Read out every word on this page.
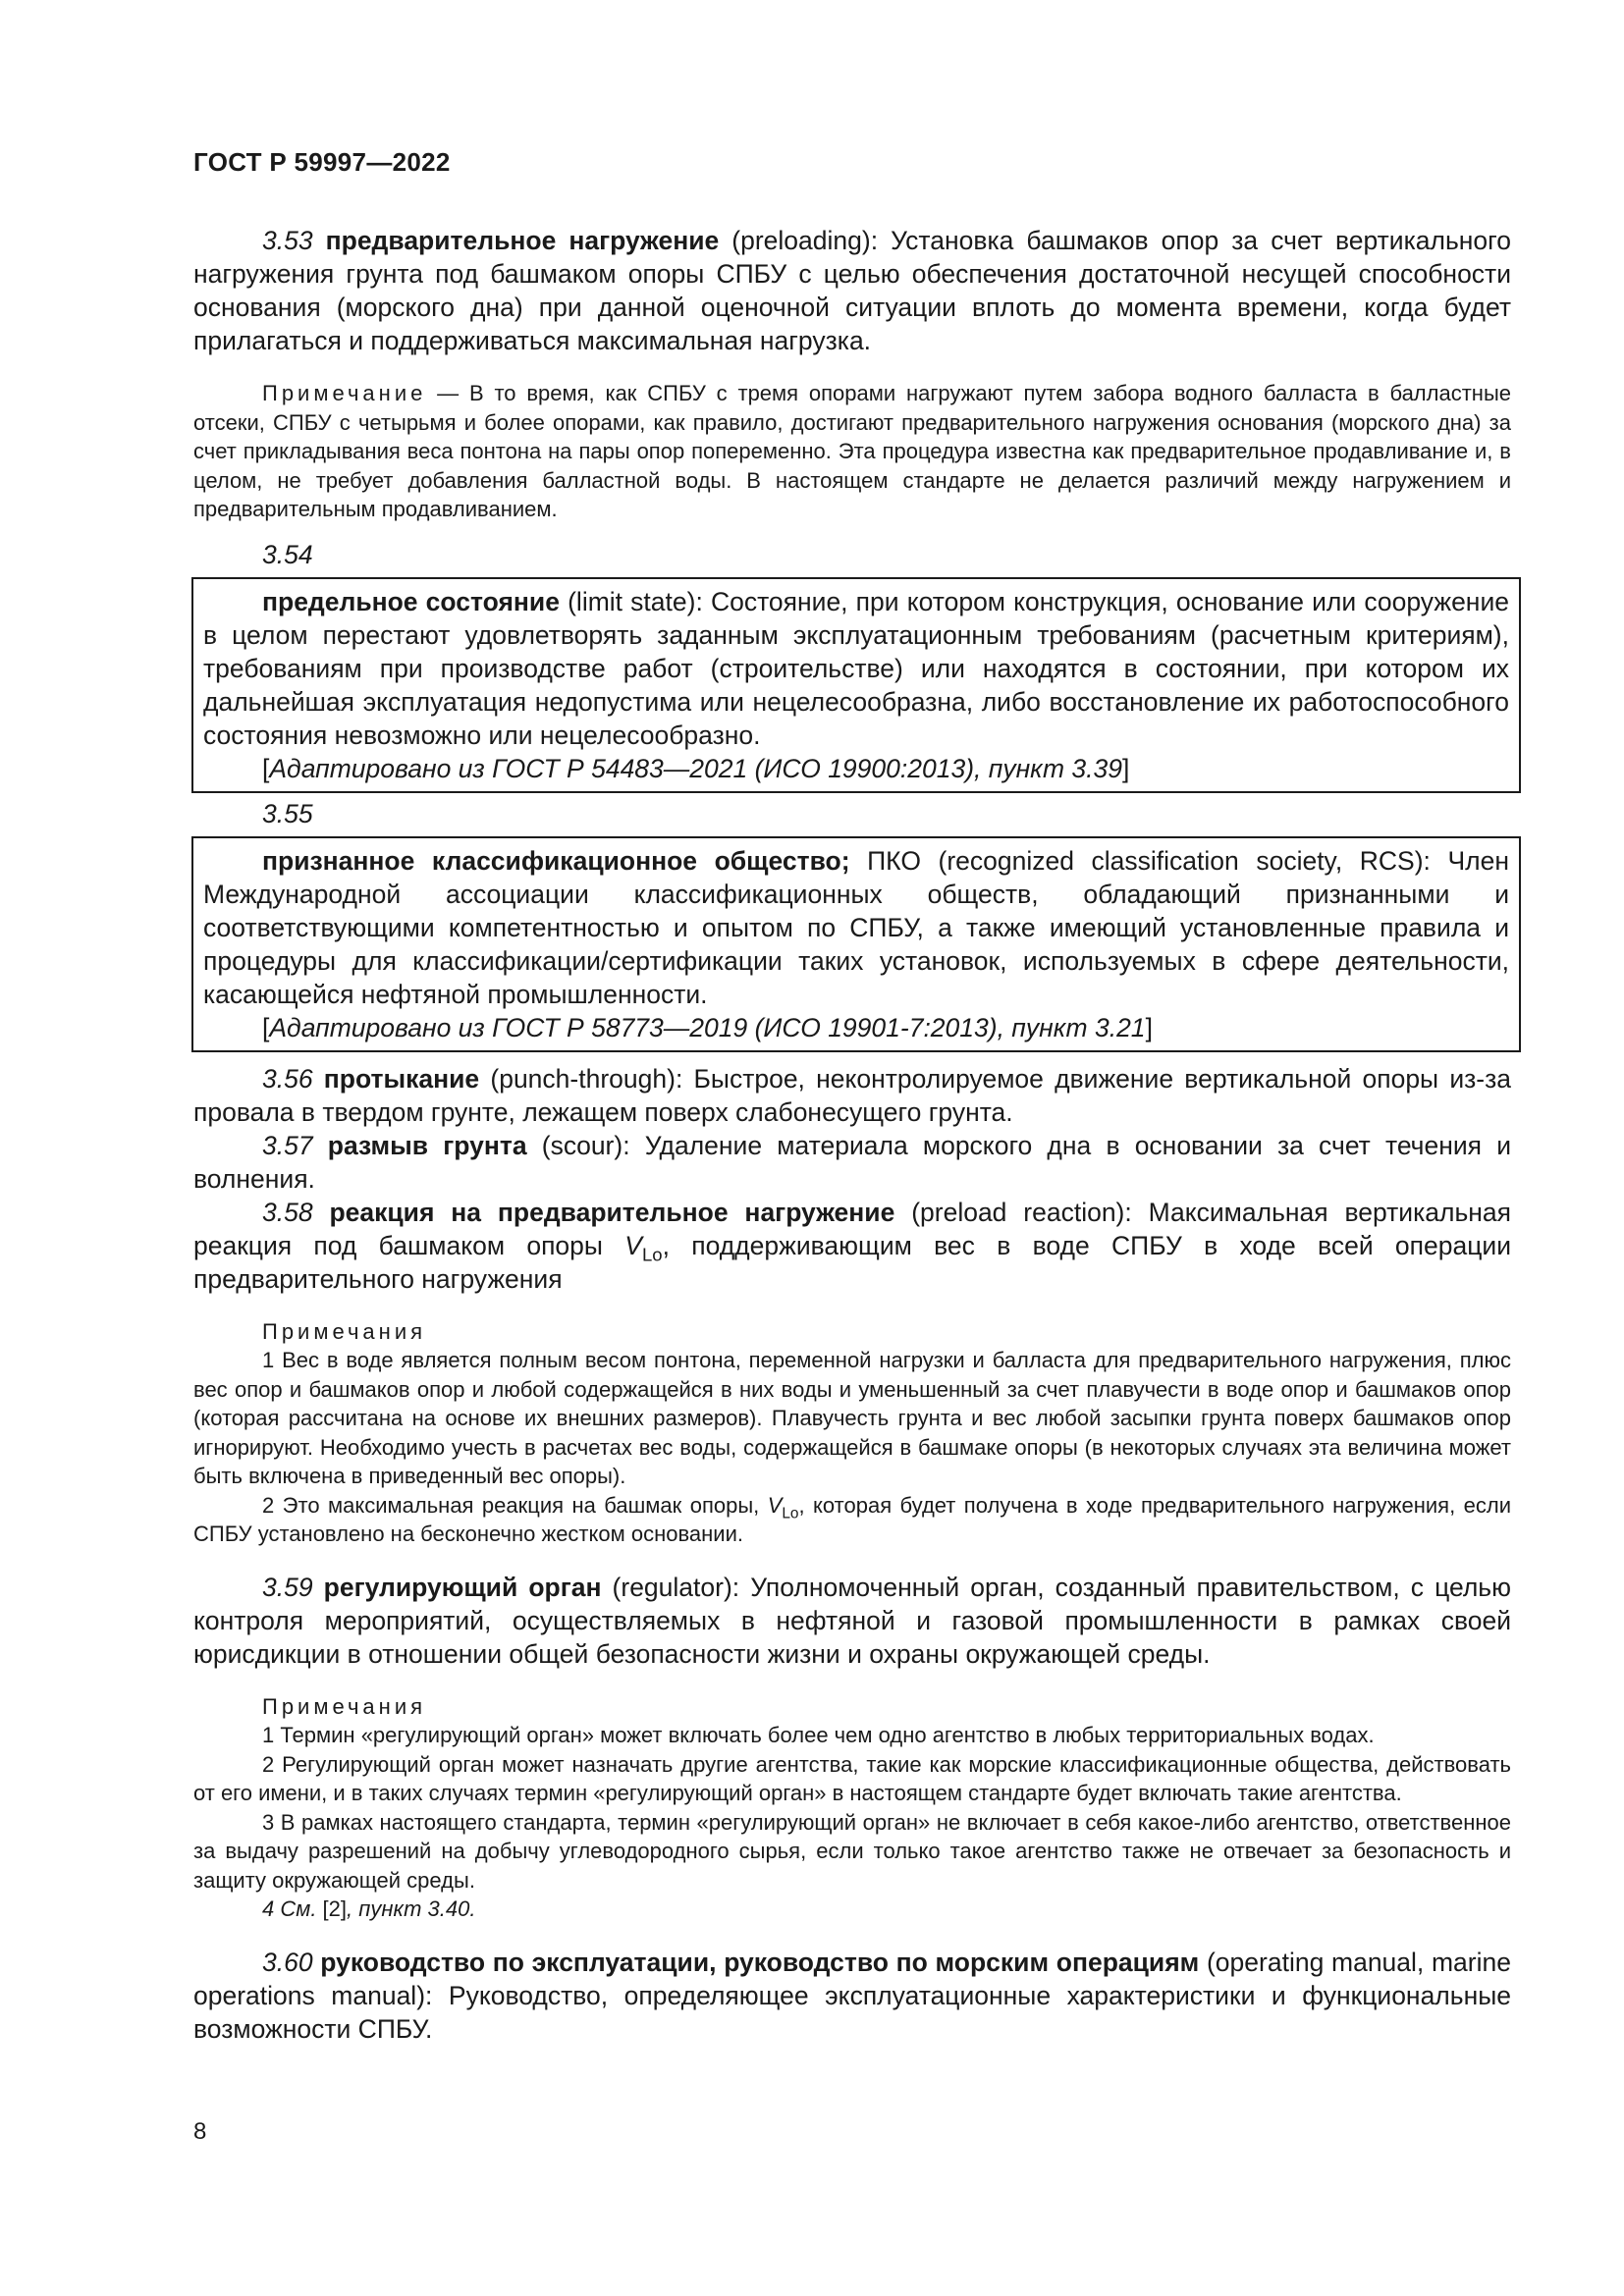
ГОСТ Р 59997—2022

3.53 предварительное нагружение (preloading): Установка башмаков опор за счет вертикального нагружения грунта под башмаком опоры СПБУ с целью обеспечения достаточной несущей способности основания (морского дна) при данной оценочной ситуации вплоть до момента времени, когда будет прилагаться и поддерживаться максимальная нагрузка.

Примечание — В то время, как СПБУ с тремя опорами нагружают путем забора водного балласта в балластные отсеки, СПБУ с четырьмя и более опорами, как правило, достигают предварительного нагружения основания (морского дна) за счет прикладывания веса понтона на пары опор попеременно. Эта процедура известна как предварительное продавливание и, в целом, не требует добавления балластной воды. В настоящем стандарте не делается различий между нагружением и предварительным продавливанием.

3.54

предельное состояние (limit state): Состояние, при котором конструкция, основание или сооружение в целом перестают удовлетворять заданным эксплуатационным требованиям (расчетным критериям), требованиям при производстве работ (строительстве) или находятся в состоянии, при котором их дальнейшая эксплуатация недопустима или нецелесообразна, либо восстановление их работоспособного состояния невозможно или нецелесообразно.

[Адаптировано из ГОСТ Р 54483—2021 (ИСО 19900:2013), пункт 3.39]

3.55

признанное классификационное общество; ПКО (recognized classification society, RCS): Член Международной ассоциации классификационных обществ, обладающий признанными и соответствующими компетентностью и опытом по СПБУ, а также имеющий установленные правила и процедуры для классификации/сертификации таких установок, используемых в сфере деятельности, касающейся нефтяной промышленности.

[Адаптировано из ГОСТ Р 58773—2019 (ИСО 19901-7:2013), пункт 3.21]

3.56 протыкание (punch-through): Быстрое, неконтролируемое движение вертикальной опоры из-за провала в твердом грунте, лежащем поверх слабонесущего грунта.

3.57 размыв грунта (scour): Удаление материала морского дна в основании за счет течения и волнения.

3.58 реакция на предварительное нагружение (preload reaction): Максимальная вертикальная реакция под башмаком опоры $V_{Lo}$, поддерживающим вес в воде СПБУ в ходе всей операции предварительного нагружения

Примечания

1 Вес в воде является полным весом понтона, переменной нагрузки и балласта для предварительного нагружения, плюс вес опор и башмаков опор и любой содержащейся в них воды и уменьшенный за счет плавучести в воде опор и башмаков опор (которая рассчитана на основе их внешних размеров). Плавучесть грунта и вес любой засыпки грунта поверх башмаков опор игнорируют. Необходимо учесть в расчетах вес воды, содержащейся в башмаке опоры (в некоторых случаях эта величина может быть включена в приведенный вес опоры).

2 Это максимальная реакция на башмак опоры, $V_{Lo}$, которая будет получена в ходе предварительного нагружения, если СПБУ установлено на бесконечно жестком основании.

3.59 регулирующий орган (regulator): Уполномоченный орган, созданный правительством, с целью контроля мероприятий, осуществляемых в нефтяной и газовой промышленности в рамках своей юрисдикции в отношении общей безопасности жизни и охраны окружающей среды.

Примечания

1 Термин «регулирующий орган» может включать более чем одно агентство в любых территориальных водах.

2 Регулирующий орган может назначать другие агентства, такие как морские классификационные общества, действовать от его имени, и в таких случаях термин «регулирующий орган» в настоящем стандарте будет включать такие агентства.

3 В рамках настоящего стандарта, термин «регулирующий орган» не включает в себя какое-либо агентство, ответственное за выдачу разрешений на добычу углеводородного сырья, если только такое агентство также не отвечает за безопасность и защиту окружающей среды.

4 См. [2], пункт 3.40.

3.60 руководство по эксплуатации, руководство по морским операциям (operating manual, marine operations manual): Руководство, определяющее эксплуатационные характеристики и функциональные возможности СПБУ.

8
